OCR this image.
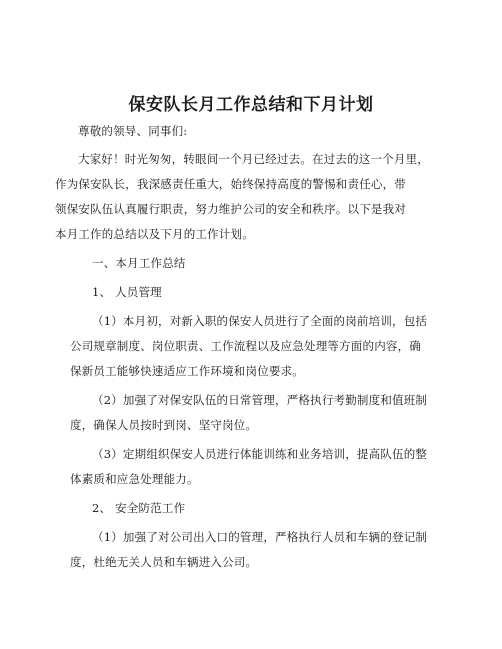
保安队长月工作总结和下月计划
尊敬的领导、同事们:
大家好！时光匆匆，转眼间一个月已经过去。在过去的这一个月里，
作为保安队长，我深感责任重大，始终保持高度的警惕和责任心，带
领保安队伍认真履行职责，努力维护公司的安全和秩序。以下是我对
本月工作的总结以及下月的工作计划。
一、本月工作总结
1、 人员管理
（1）本月初，对新入职的保安人员进行了全面的岗前培训，包括
公司规章制度、岗位职责、工作流程以及应急处理等方面的内容，确
保新员工能够快速适应工作环境和岗位要求。
（2）加强了对保安队伍的日常管理，严格执行考勤制度和值班制
度，确保人员按时到岗、坚守岗位。
（3）定期组织保安人员进行体能训练和业务培训，提高队伍的整
体素质和应急处理能力。
2、 安全防范工作
（1）加强了对公司出入口的管理，严格执行人员和车辆的登记制
度，杜绝无关人员和车辆进入公司。
